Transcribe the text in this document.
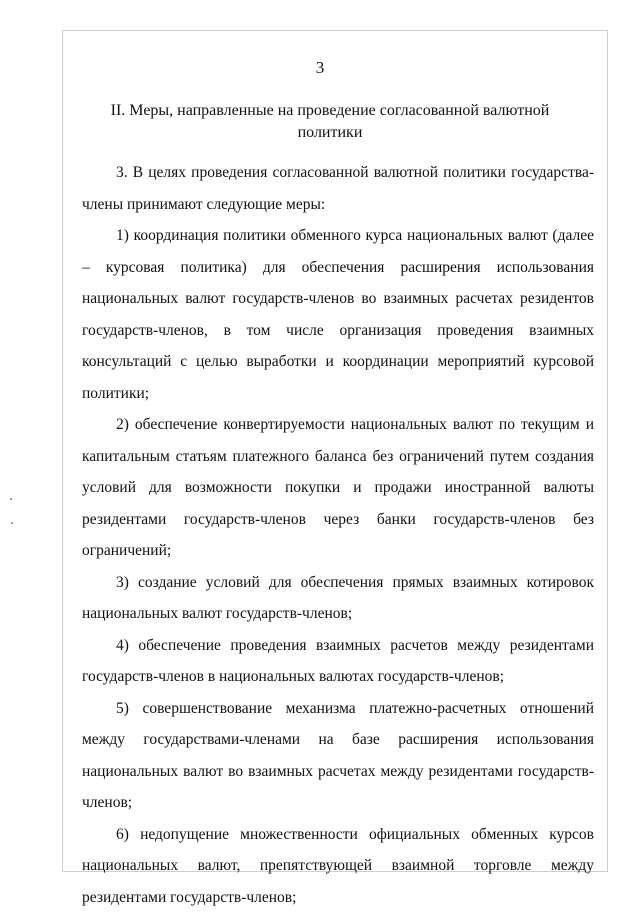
3
II. Меры, направленные на проведение согласованной валютной политики

3. В целях проведения согласованной валютной политики государства-члены принимают следующие меры:

1) координация политики обменного курса национальных валют (далее – курсовая политика) для обеспечения расширения использования национальных валют государств-членов во взаимных расчетах резидентов государств-членов, в том числе организация проведения взаимных консультаций с целью выработки и координации мероприятий курсовой политики;

2) обеспечение конвертируемости национальных валют по текущим и капитальным статьям платежного баланса без ограничений путем создания условий для возможности покупки и продажи иностранной валюты резидентами государств-членов через банки государств-членов без ограничений;

3) создание условий для обеспечения прямых взаимных котировок национальных валют государств-членов;

4) обеспечение проведения взаимных расчетов между резидентами государств-членов в национальных валютах государств-членов;

5) совершенствование механизма платежно-расчетных отношений между государствами-членами на базе расширения использования национальных валют во взаимных расчетах между резидентами государств-членов;

6) недопущение множественности официальных обменных курсов национальных валют, препятствующей взаимной торговле между резидентами государств-членов;
